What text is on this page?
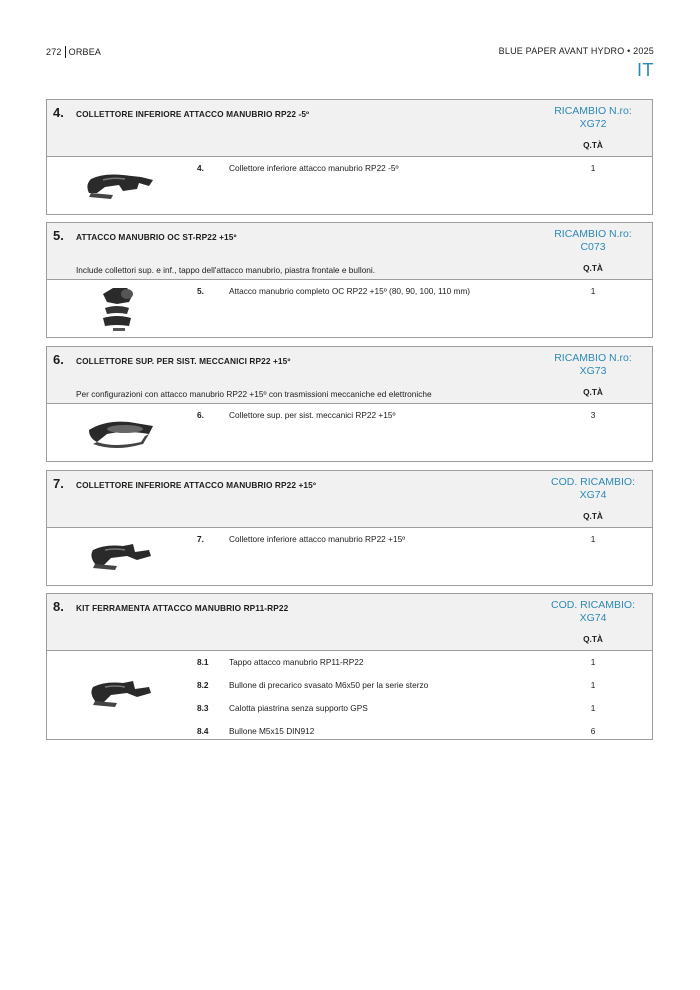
272 ORBEA	BLUE PAPER AVANT HYDRO • 2025
IT
4. COLLETTORE INFERIORE ATTACCO MANUBRIO RP22 -5º	RICAMBIO N.ro:
XG72
Q.TÀ
4.	Collettore inferiore attacco manubrio RP22 -5º	1
5. ATTACCO MANUBRIO OC ST-RP22 +15º
Include collettori sup. e inf., tappo dell'attacco manubrio, piastra frontale e bulloni.
RICAMBIO N.ro:
C073
Q.TÀ
5.	Attacco manubrio completo OC RP22 +15º (80, 90, 100, 110 mm)	1
6. COLLETTORE SUP. PER SIST. MECCANICI RP22 +15º
Per configurazioni con attacco manubrio RP22 +15º con trasmissioni meccaniche ed elettroniche
RICAMBIO N.ro:
XG73
Q.TÀ
6.	Collettore sup. per sist. meccanici RP22 +15º	3
7. COLLETTORE INFERIORE ATTACCO MANUBRIO RP22 +15º	COD. RICAMBIO:
XG74
Q.TÀ
7.	Collettore inferiore attacco manubrio RP22 +15º	1
8. KIT FERRAMENTA ATTACCO MANUBRIO RP11-RP22	COD. RICAMBIO:
XG74
Q.TÀ
8.1 Tappo attacco manubrio RP11-RP22	1
8.2 Bullone di precarico svasato M6x50 per la serie sterzo	1
8.3 Calotta piastrina senza supporto GPS	1
8.4 Bullone M5x15 DIN912	6
